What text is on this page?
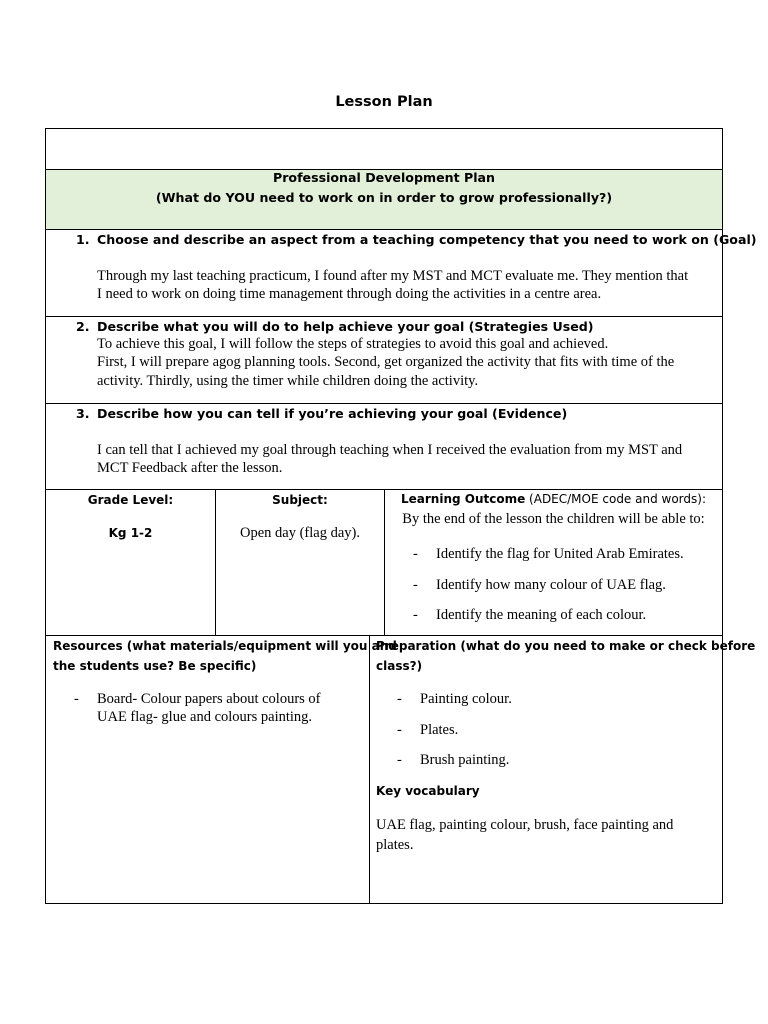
Lesson Plan
Professional Development Plan
(What do YOU need to work on in order to grow professionally?)
1. Choose and describe an aspect from a teaching competency that you need to work on (Goal)
Through my last teaching practicum, I found after my MST and MCT evaluate me. They mention that
I need to work on doing time management through doing the activities in a centre area.
2. Describe what you will do to help achieve your goal (Strategies Used)
To achieve this goal, I will follow the steps of strategies to avoid this goal and achieved.
First, I will prepare agog planning tools. Second, get organized the activity that fits with time of the
activity. Thirdly, using the timer while children doing the activity.
3. Describe how you can tell if you’re achieving your goal (Evidence)
I can tell that I achieved my goal through teaching when I received the evaluation from my MST and
MCT Feedback after the lesson.
Grade Level:
Kg 1-2
Subject:
Open day (flag day).
Learning Outcome (ADEC/MOE code and words):
By the end of the lesson the children will be able to:
- Identify the flag for United Arab Emirates.
- Identify how many colour of UAE flag.
- Identify the meaning of each colour.
Resources (what materials/equipment will you and
the students use? Be specific)
- Board- Colour papers about colours of
UAE flag- glue and colours painting.
Preparation (what do you need to make or check before
class?)
- Painting colour.
- Plates.
- Brush painting.
Key vocabulary
UAE flag, painting colour, brush, face painting and
plates.
